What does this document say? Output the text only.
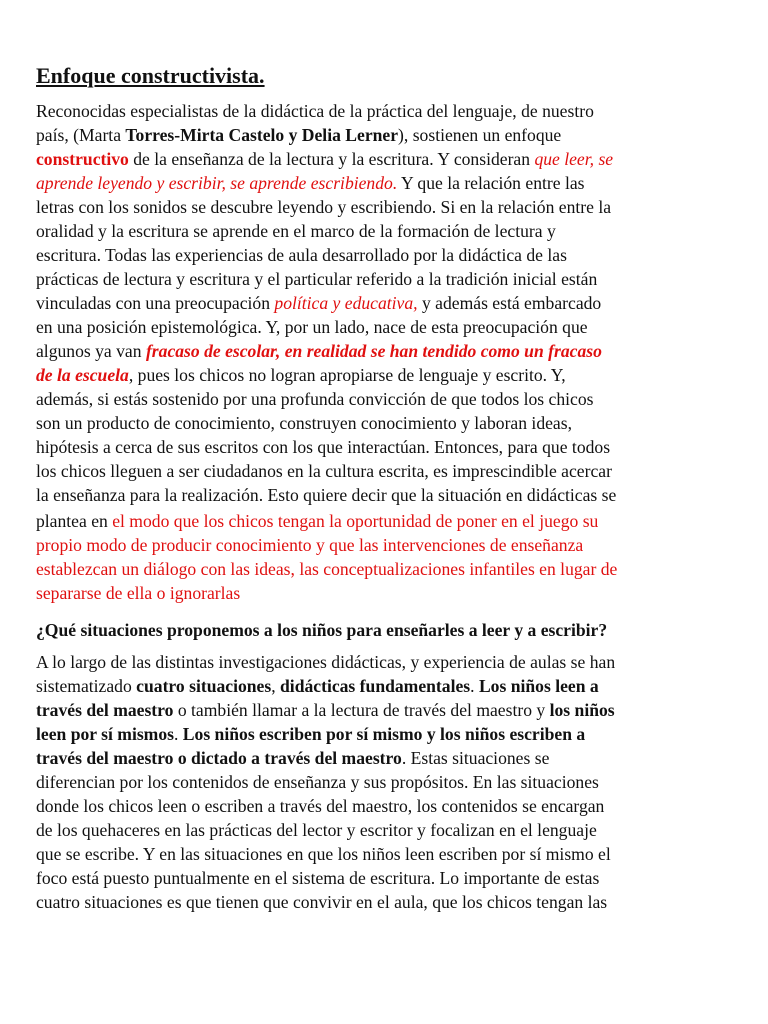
Enfoque constructivista.
Reconocidas especialistas de la didáctica de la práctica del lenguaje, de nuestro
país, (Marta Torres-Mirta Castelo y Delia Lerner), sostienen un enfoque
constructivo de la enseñanza de la lectura y la escritura. Y consideran que leer, se
aprende leyendo y escribir, se aprende escribiendo. Y que la relación entre las
letras con los sonidos se descubre leyendo y escribiendo. Si en la relación entre la
oralidad y la escritura se aprende en el marco de la formación de lectura y
escritura. Todas las experiencias de aula desarrollado por la didáctica de las
prácticas de lectura y escritura y el particular referido a la tradición inicial están
vinculadas con una preocupación política y educativa, y además está embarcado
en una posición epistemológica. Y, por un lado, nace de esta preocupación que
algunos ya van fracaso de escolar, en realidad se han tendido como un fracaso
de la escuela, pues los chicos no logran apropiarse de lenguaje y escrito. Y,
además, si estás sostenido por una profunda convicción de que todos los chicos
son un producto de conocimiento, construyen conocimiento y laboran ideas,
hipótesis a cerca de sus escritos con los que interactúan. Entonces, para que todos
los chicos lleguen a ser ciudadanos en la cultura escrita, es imprescindible acercar
la enseñanza para la realización. Esto quiere decir que la situación en didácticas se
plantea en el modo que los chicos tengan la oportunidad de poner en el juego su
propio modo de producir conocimiento y que las intervenciones de enseñanza
establezcan un diálogo con las ideas, las conceptualizaciones infantiles en lugar de
separarse de ella o ignorarlas
¿Qué situaciones proponemos a los niños para enseñarles a leer y a escribir?
A lo largo de las distintas investigaciones didácticas, y experiencia de aulas se han
sistematizado cuatro situaciones, didácticas fundamentales. Los niños leen a
través del maestro o también llamar a la lectura de través del maestro y los niños
leen por sí mismos. Los niños escriben por sí mismo y los niños escriben a
través del maestro o dictado a través del maestro. Estas situaciones se
diferencian por los contenidos de enseñanza y sus propósitos. En las situaciones
donde los chicos leen o escriben a través del maestro, los contenidos se encargan
de los quehaceres en las prácticas del lector y escritor y focalizan en el lenguaje
que se escribe. Y en las situaciones en que los niños leen escriben por sí mismo el
foco está puesto puntualmente en el sistema de escritura. Lo importante de estas
cuatro situaciones es que tienen que convivir en el aula, que los chicos tengan las
